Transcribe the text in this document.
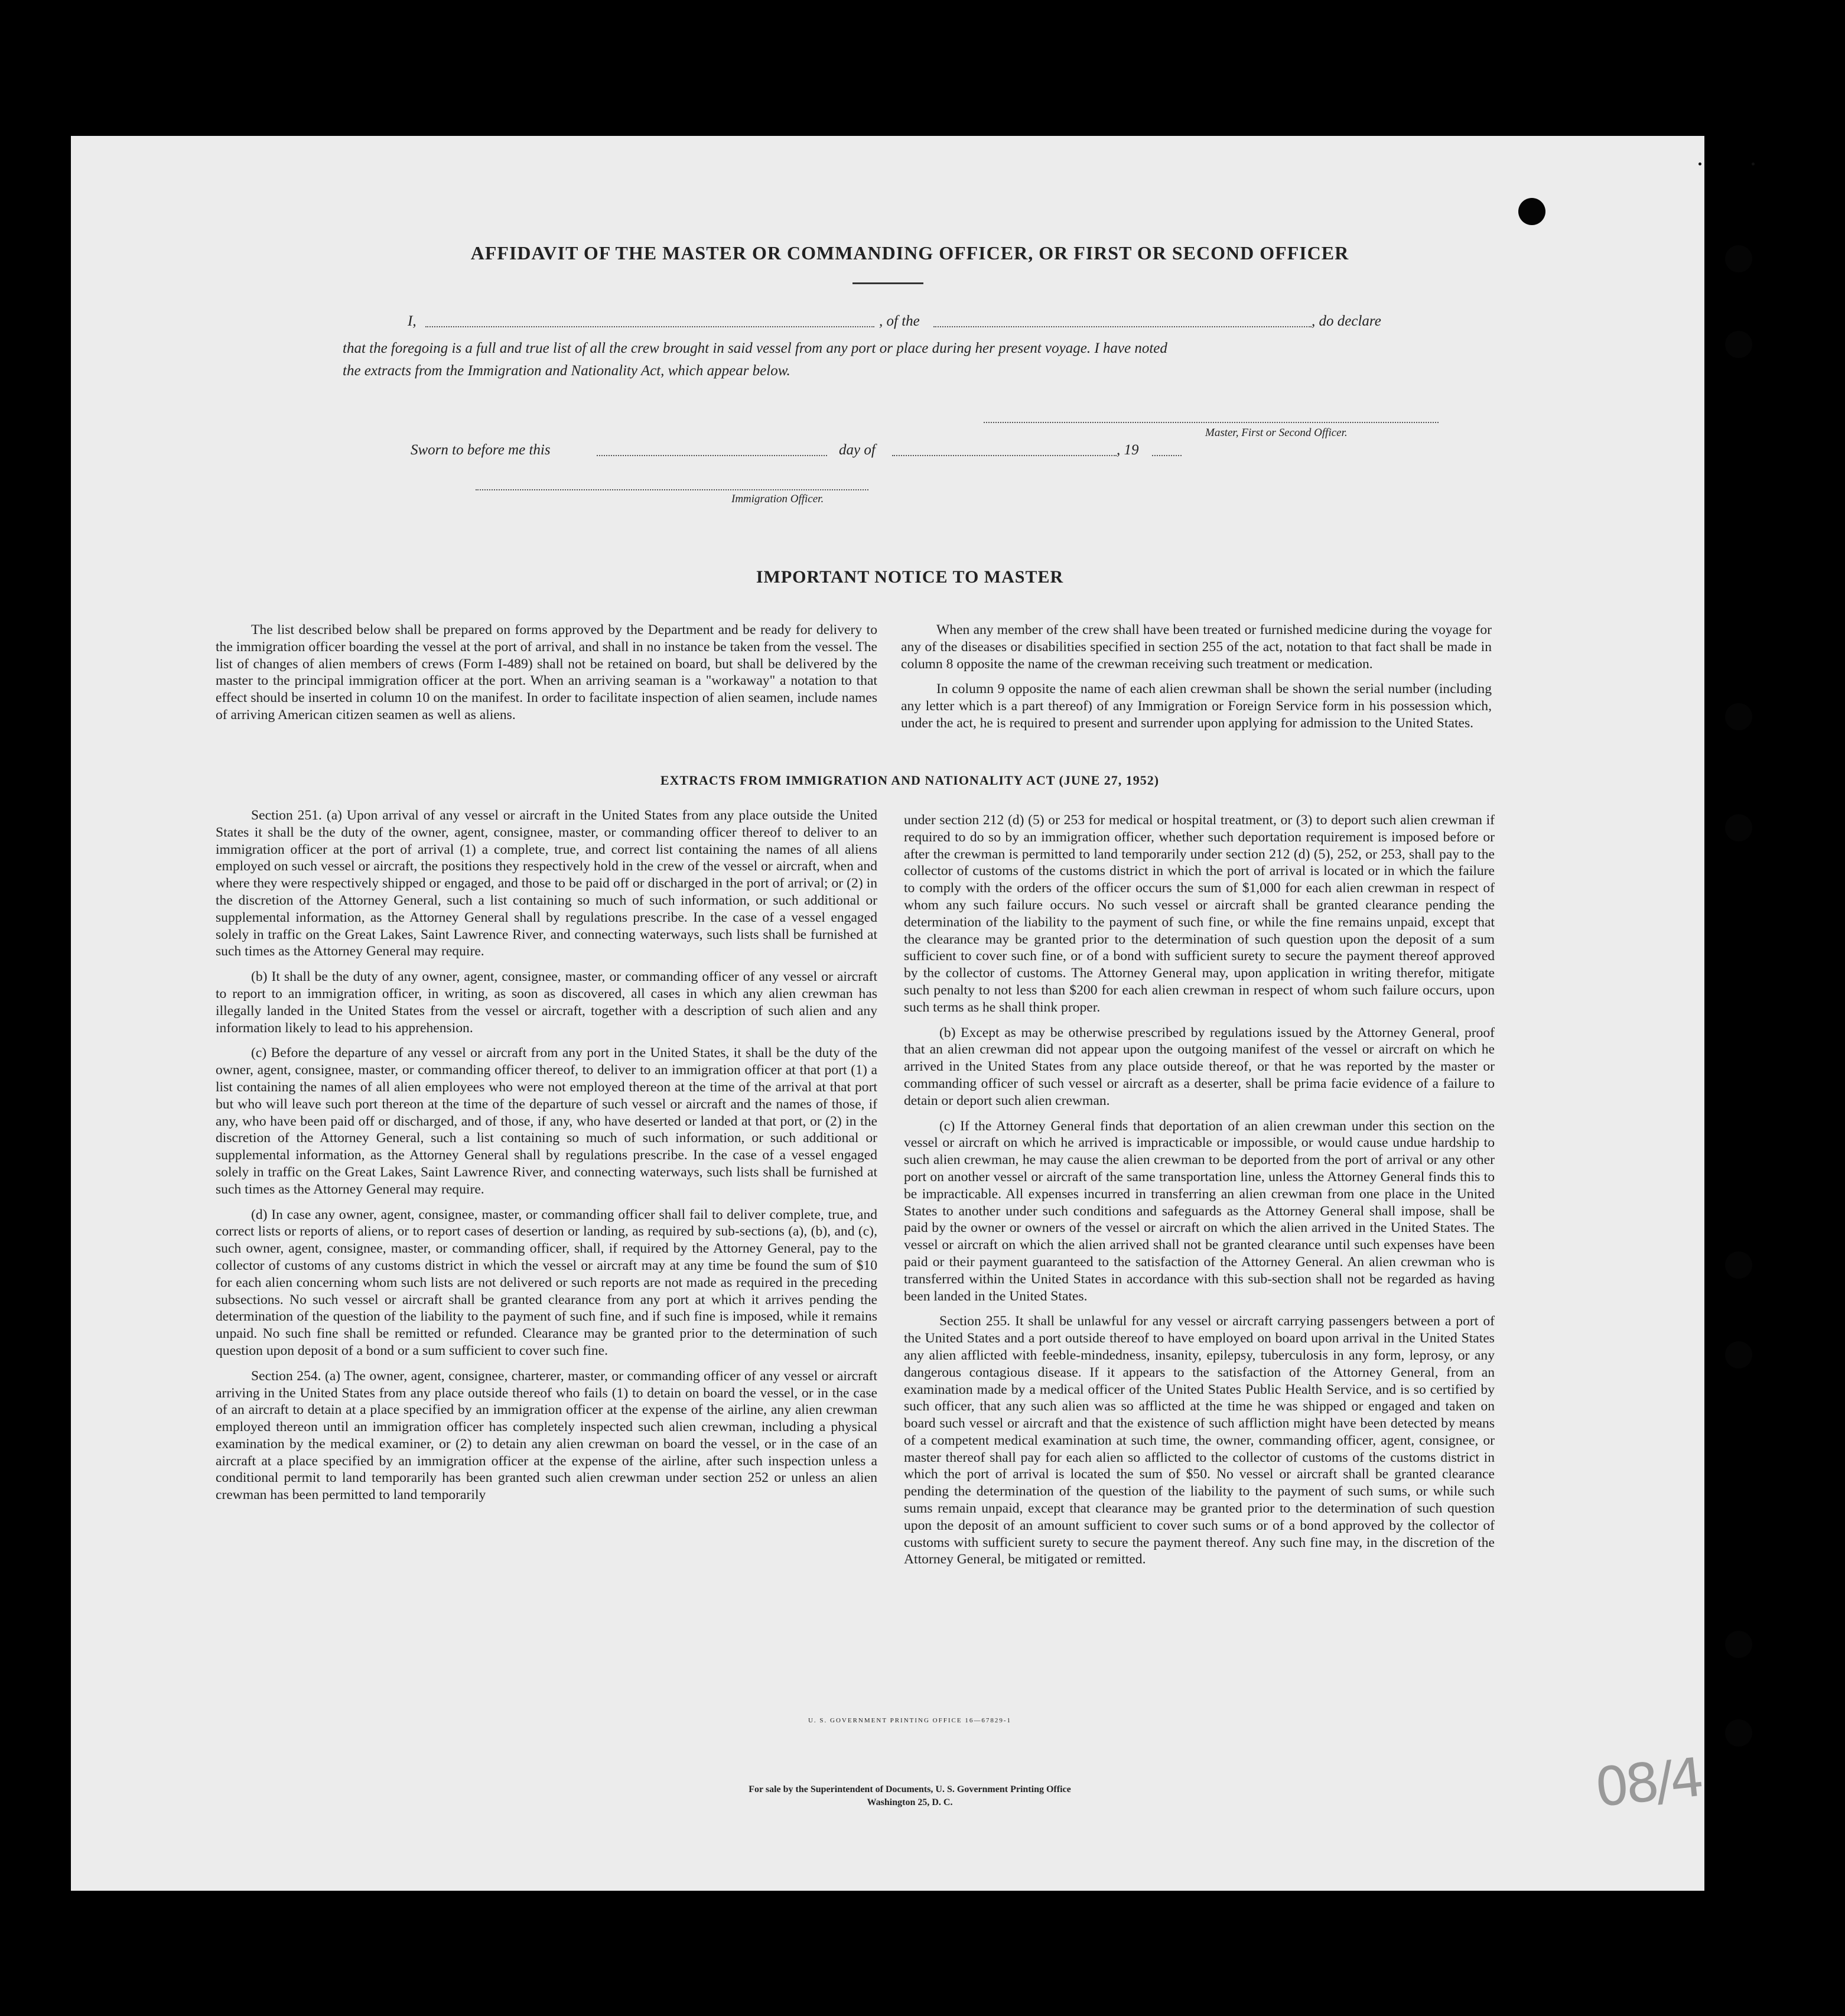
AFFIDAVIT OF THE MASTER OR COMMANDING OFFICER, OR FIRST OR SECOND OFFICER
I,	, of the	, do declare
that the foregoing is a full and true list of all the crew brought in said vessel from any port or place during her present voyage. I have noted
the extracts from the Immigration and Nationality Act, which appear below.
Master, First or Second Officer.
Sworn to before me this	day of	, 19
Immigration Officer.
IMPORTANT NOTICE TO MASTER

The list described below shall be prepared on forms approved by the Department and be ready for delivery to the immigration officer boarding the vessel at the port of arrival, and shall in no instance be taken from the vessel. The list of changes of alien members of crews (Form I-489) shall not be retained on board, but shall be delivered by the master to the principal immigration officer at the port. When an arriving seaman is a "workaway" a notation to that effect should be inserted in column 10 on the manifest. In order to facilitate inspection of alien seamen, include names of arriving American citizen seamen as well as aliens.

When any member of the crew shall have been treated or furnished medicine during the voyage for any of the diseases or disabilities specified in section 255 of the act, notation to that fact shall be made in column 8 opposite the name of the crewman receiving such treatment or medication.

In column 9 opposite the name of each alien crewman shall be shown the serial number (including any letter which is a part thereof) of any Immigration or Foreign Service form in his possession which, under the act, he is required to present and surrender upon applying for admission to the United States.

EXTRACTS FROM IMMIGRATION AND NATIONALITY ACT (JUNE 27, 1952)

Section 251. (a) Upon arrival of any vessel or aircraft in the United States from any place outside the United States it shall be the duty of the owner, agent, consignee, master, or commanding officer thereof to deliver to an immigration officer at the port of arrival (1) a complete, true, and correct list containing the names of all aliens employed on such vessel or aircraft, the positions they respectively hold in the crew of the vessel or aircraft, when and where they were respectively shipped or engaged, and those to be paid off or discharged in the port of arrival; or (2) in the discretion of the Attorney General, such a list containing so much of such information, or such additional or supplemental information, as the Attorney General shall by regulations prescribe. In the case of a vessel engaged solely in traffic on the Great Lakes, Saint Lawrence River, and connecting waterways, such lists shall be furnished at such times as the Attorney General may require.

(b) It shall be the duty of any owner, agent, consignee, master, or commanding officer of any vessel or aircraft to report to an immigration officer, in writing, as soon as discovered, all cases in which any alien crewman has illegally landed in the United States from the vessel or aircraft, together with a description of such alien and any information likely to lead to his apprehension.

(c) Before the departure of any vessel or aircraft from any port in the United States, it shall be the duty of the owner, agent, consignee, master, or commanding officer thereof, to deliver to an immigration officer at that port (1) a list containing the names of all alien employees who were not employed thereon at the time of the arrival at that port but who will leave such port thereon at the time of the departure of such vessel or aircraft and the names of those, if any, who have been paid off or discharged, and of those, if any, who have deserted or landed at that port, or (2) in the discretion of the Attorney General, such a list containing so much of such information, or such additional or supplemental information, as the Attorney General shall by regulations prescribe. In the case of a vessel engaged solely in traffic on the Great Lakes, Saint Lawrence River, and connecting waterways, such lists shall be furnished at such times as the Attorney General may require.

(d) In case any owner, agent, consignee, master, or commanding officer shall fail to deliver complete, true, and correct lists or reports of aliens, or to report cases of desertion or landing, as required by sub-sections (a), (b), and (c), such owner, agent, consignee, master, or commanding officer, shall, if required by the Attorney General, pay to the collector of customs of any customs district in which the vessel or aircraft may at any time be found the sum of $10 for each alien concerning whom such lists are not delivered or such reports are not made as required in the preceding subsections. No such vessel or aircraft shall be granted clearance from any port at which it arrives pending the determination of the question of the liability to the payment of such fine, and if such fine is imposed, while it remains unpaid. No such fine shall be remitted or refunded. Clearance may be granted prior to the determination of such question upon deposit of a bond or a sum sufficient to cover such fine.

Section 254. (a) The owner, agent, consignee, charterer, master, or commanding officer of any vessel or aircraft arriving in the United States from any place outside thereof who fails (1) to detain on board the vessel, or in the case of an aircraft to detain at a place specified by an immigration officer at the expense of the airline, any alien crewman employed thereon until an immigration officer has completely inspected such alien crewman, including a physical examination by the medical examiner, or (2) to detain any alien crewman on board the vessel, or in the case of an aircraft at a place specified by an immigration officer at the expense of the airline, after such inspection unless a conditional permit to land temporarily has been granted such alien crewman under section 252 or unless an alien crewman has been permitted to land temporarily

under section 212 (d) (5) or 253 for medical or hospital treatment, or (3) to deport such alien crewman if required to do so by an immigration officer, whether such deportation requirement is imposed before or after the crewman is permitted to land temporarily under section 212 (d) (5), 252, or 253, shall pay to the collector of customs of the customs district in which the port of arrival is located or in which the failure to comply with the orders of the officer occurs the sum of $1,000 for each alien crewman in respect of whom any such failure occurs. No such vessel or aircraft shall be granted clearance pending the determination of the liability to the payment of such fine, or while the fine remains unpaid, except that the clearance may be granted prior to the determination of such question upon the deposit of a sum sufficient to cover such fine, or of a bond with sufficient surety to secure the payment thereof approved by the collector of customs. The Attorney General may, upon application in writing therefor, mitigate such penalty to not less than $200 for each alien crewman in respect of whom such failure occurs, upon such terms as he shall think proper.

(b) Except as may be otherwise prescribed by regulations issued by the Attorney General, proof that an alien crewman did not appear upon the outgoing manifest of the vessel or aircraft on which he arrived in the United States from any place outside thereof, or that he was reported by the master or commanding officer of such vessel or aircraft as a deserter, shall be prima facie evidence of a failure to detain or deport such alien crewman.

(c) If the Attorney General finds that deportation of an alien crewman under this section on the vessel or aircraft on which he arrived is impracticable or impossible, or would cause undue hardship to such alien crewman, he may cause the alien crewman to be deported from the port of arrival or any other port on another vessel or aircraft of the same transportation line, unless the Attorney General finds this to be impracticable. All expenses incurred in transferring an alien crewman from one place in the United States to another under such conditions and safeguards as the Attorney General shall impose, shall be paid by the owner or owners of the vessel or aircraft on which the alien arrived in the United States. The vessel or aircraft on which the alien arrived shall not be granted clearance until such expenses have been paid or their payment guaranteed to the satisfaction of the Attorney General. An alien crewman who is transferred within the United States in accordance with this sub-section shall not be regarded as having been landed in the United States.

Section 255. It shall be unlawful for any vessel or aircraft carrying passengers between a port of the United States and a port outside thereof to have employed on board upon arrival in the United States any alien afflicted with feeble-mindedness, insanity, epilepsy, tuberculosis in any form, leprosy, or any dangerous contagious disease. If it appears to the satisfaction of the Attorney General, from an examination made by a medical officer of the United States Public Health Service, and is so certified by such officer, that any such alien was so afflicted at the time he was shipped or engaged and taken on board such vessel or aircraft and that the existence of such affliction might have been detected by means of a competent medical examination at such time, the owner, commanding officer, agent, consignee, or master thereof shall pay for each alien so afflicted to the collector of customs of the customs district in which the port of arrival is located the sum of $50. No vessel or aircraft shall be granted clearance pending the determination of the question of the liability to the payment of such sums, or while such sums remain unpaid, except that clearance may be granted prior to the determination of such question upon the deposit of an amount sufficient to cover such sums or of a bond approved by the collector of customs with sufficient surety to secure the payment thereof. Any such fine may, in the discretion of the Attorney General, be mitigated or remitted.

U. S. GOVERNMENT PRINTING OFFICE 16—67829-1
For sale by the Superintendent of Documents, U. S. Government Printing Office
Washington 25, D. C.	08/4
